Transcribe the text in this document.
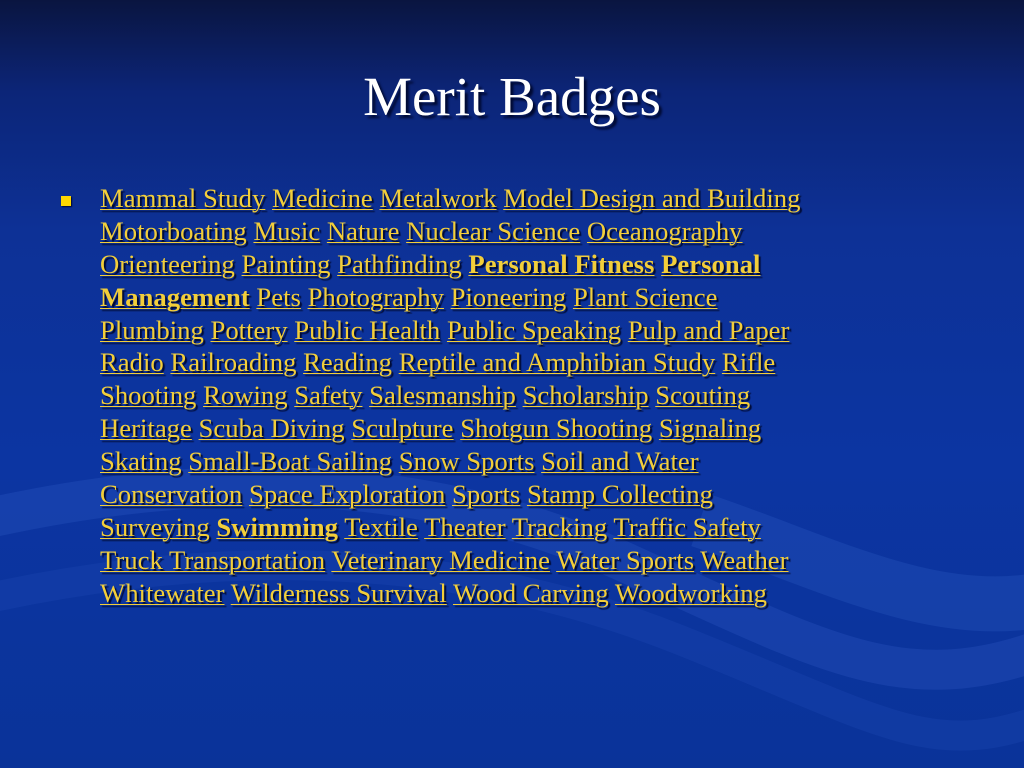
Merit Badges
Mammal Study Medicine Metalwork Model Design and Building
Motorboating Music Nature Nuclear Science Oceanography
Orienteering Painting Pathfinding Personal Fitness Personal
Management Pets Photography Pioneering Plant Science
Plumbing Pottery Public Health Public Speaking Pulp and Paper
Radio Railroading Reading Reptile and Amphibian Study Rifle
Shooting Rowing Safety Salesmanship Scholarship Scouting
Heritage Scuba Diving Sculpture Shotgun Shooting Signaling
Skating Small-Boat Sailing Snow Sports Soil and Water
Conservation Space Exploration Sports Stamp Collecting
Surveying Swimming Textile Theater Tracking Traffic Safety
Truck Transportation Veterinary Medicine Water Sports Weather
Whitewater Wilderness Survival Wood Carving Woodworking
